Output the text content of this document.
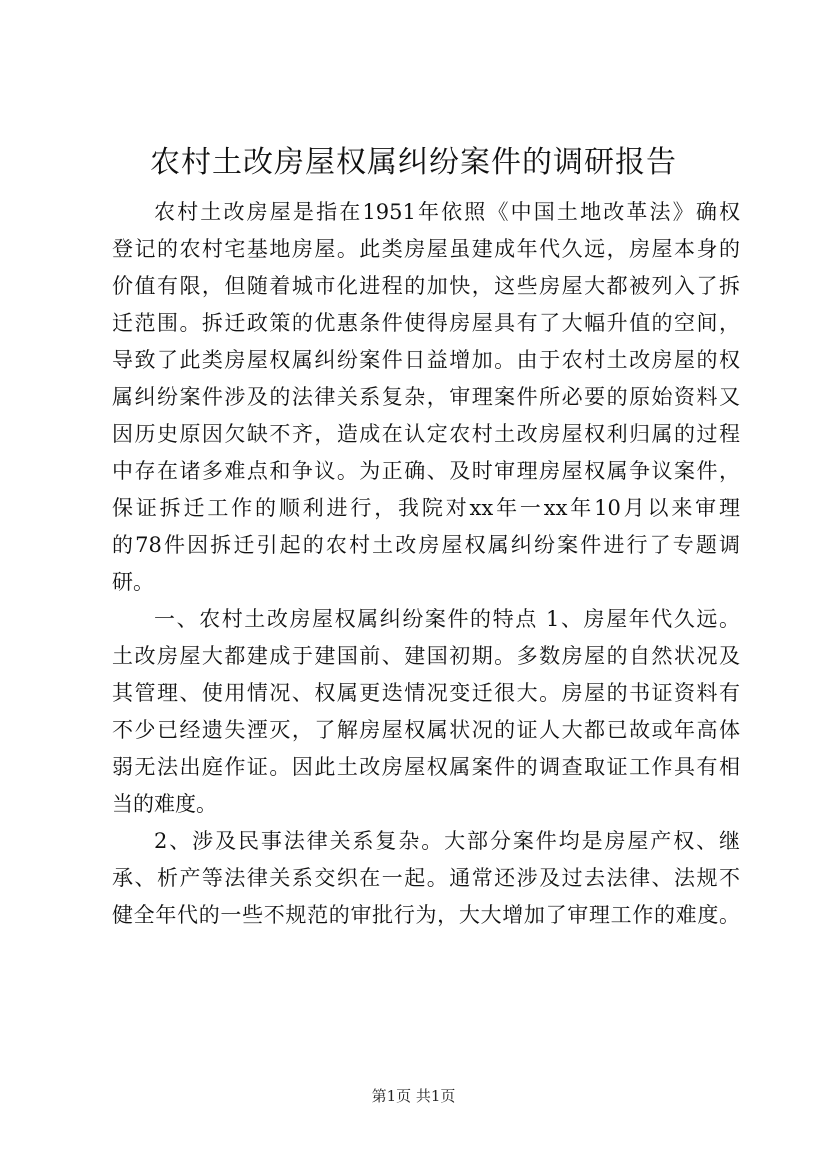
农村土改房屋权属纠纷案件的调研报告
农村土改房屋是指在1951年依照《中国土地改革法》确权
登记的农村宅基地房屋。此类房屋虽建成年代久远，房屋本身的
价值有限，但随着城市化进程的加快，这些房屋大都被列入了拆
迁范围。拆迁政策的优惠条件使得房屋具有了大幅升值的空间，
导致了此类房屋权属纠纷案件日益增加。由于农村土改房屋的权
属纠纷案件涉及的法律关系复杂，审理案件所必要的原始资料又
因历史原因欠缺不齐，造成在认定农村土改房屋权利归属的过程
中存在诸多难点和争议。为正确、及时审理房屋权属争议案件，
保证拆迁工作的顺利进行，我院对xx年一xx年10月以来审理
的78件因拆迁引起的农村土改房屋权属纠纷案件进行了专题调
研。
一、农村土改房屋权属纠纷案件的特点 1、房屋年代久远。
土改房屋大都建成于建国前、建国初期。多数房屋的自然状况及
其管理、使用情况、权属更迭情况变迁很大。房屋的书证资料有
不少已经遗失湮灭，了解房屋权属状况的证人大都已故或年高体
弱无法出庭作证。因此土改房屋权属案件的调查取证工作具有相
当的难度。
2、涉及民事法律关系复杂。大部分案件均是房屋产权、继
承、析产等法律关系交织在一起。通常还涉及过去法律、法规不
健全年代的一些不规范的审批行为，大大增加了审理工作的难度。
第1页 共1页
